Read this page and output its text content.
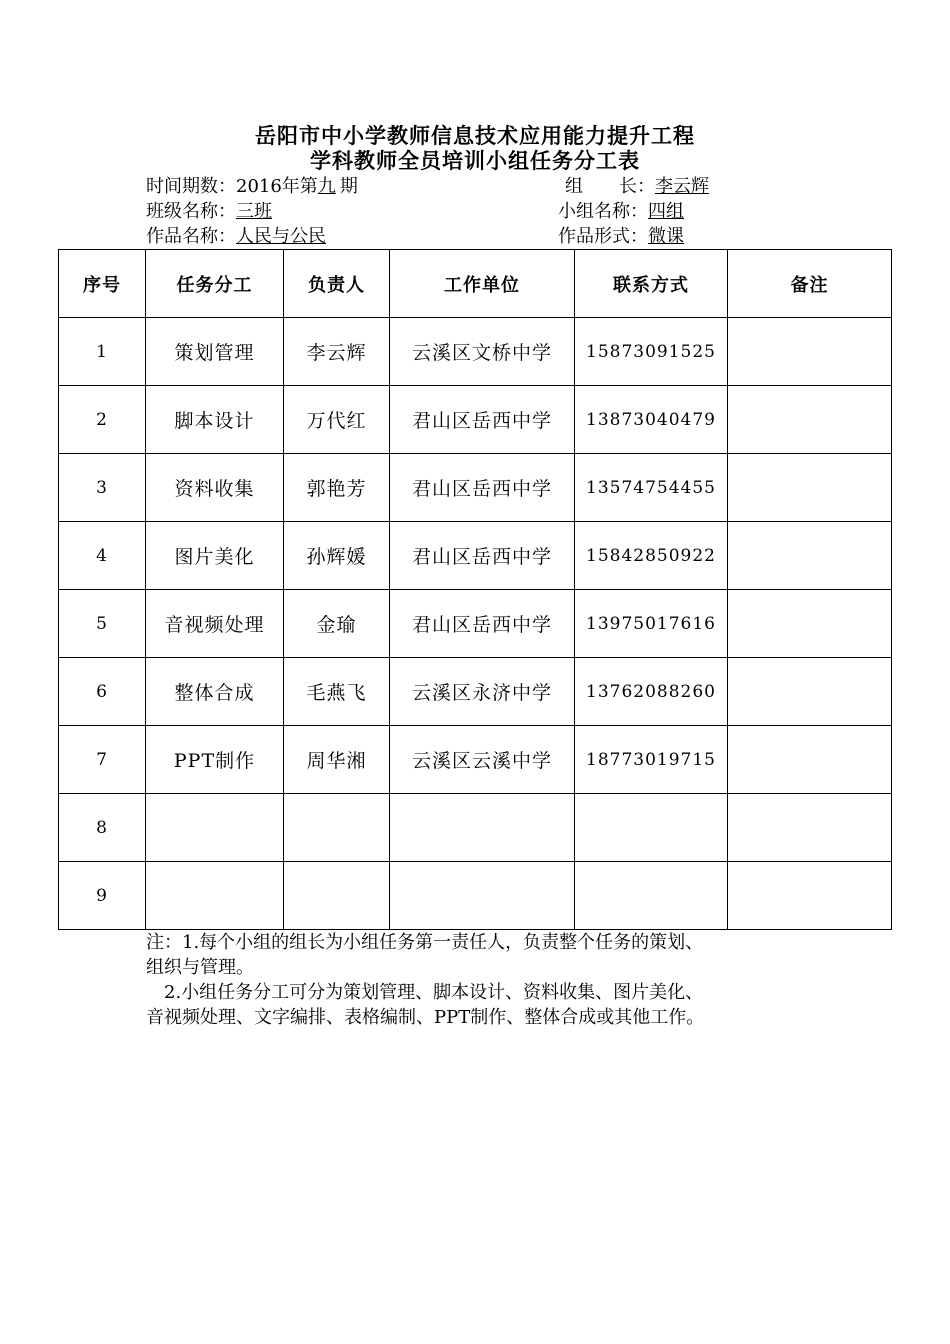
岳阳市中小学教师信息技术应用能力提升工程
学科教师全员培训小组任务分工表
时间期数：2016年第九 期	组　　长：李云辉
班级名称：三班	小组名称：四组
作品名称：人民与公民	作品形式：微课
序号	任务分工	负责人	工作单位	联系方式	备注
1	策划管理	李云辉	云溪区文桥中学	15873091525	
2	脚本设计	万代红	君山区岳西中学	13873040479	
3	资料收集	郭艳芳	君山区岳西中学	13574754455	
4	图片美化	孙辉媛	君山区岳西中学	15842850922	
5	音视频处理	金瑜	君山区岳西中学	13975017616	
6	整体合成	毛燕飞	云溪区永济中学	13762088260	
7	PPT制作	周华湘	云溪区云溪中学	18773019715	
8					
9					

注：1.每个小组的组长为小组任务第一责任人，负责整个任务的策划、

组织与管理。

　2.小组任务分工可分为策划管理、脚本设计、资料收集、图片美化、

音视频处理、文字编排、表格编制、PPT制作、整体合成或其他工作。
